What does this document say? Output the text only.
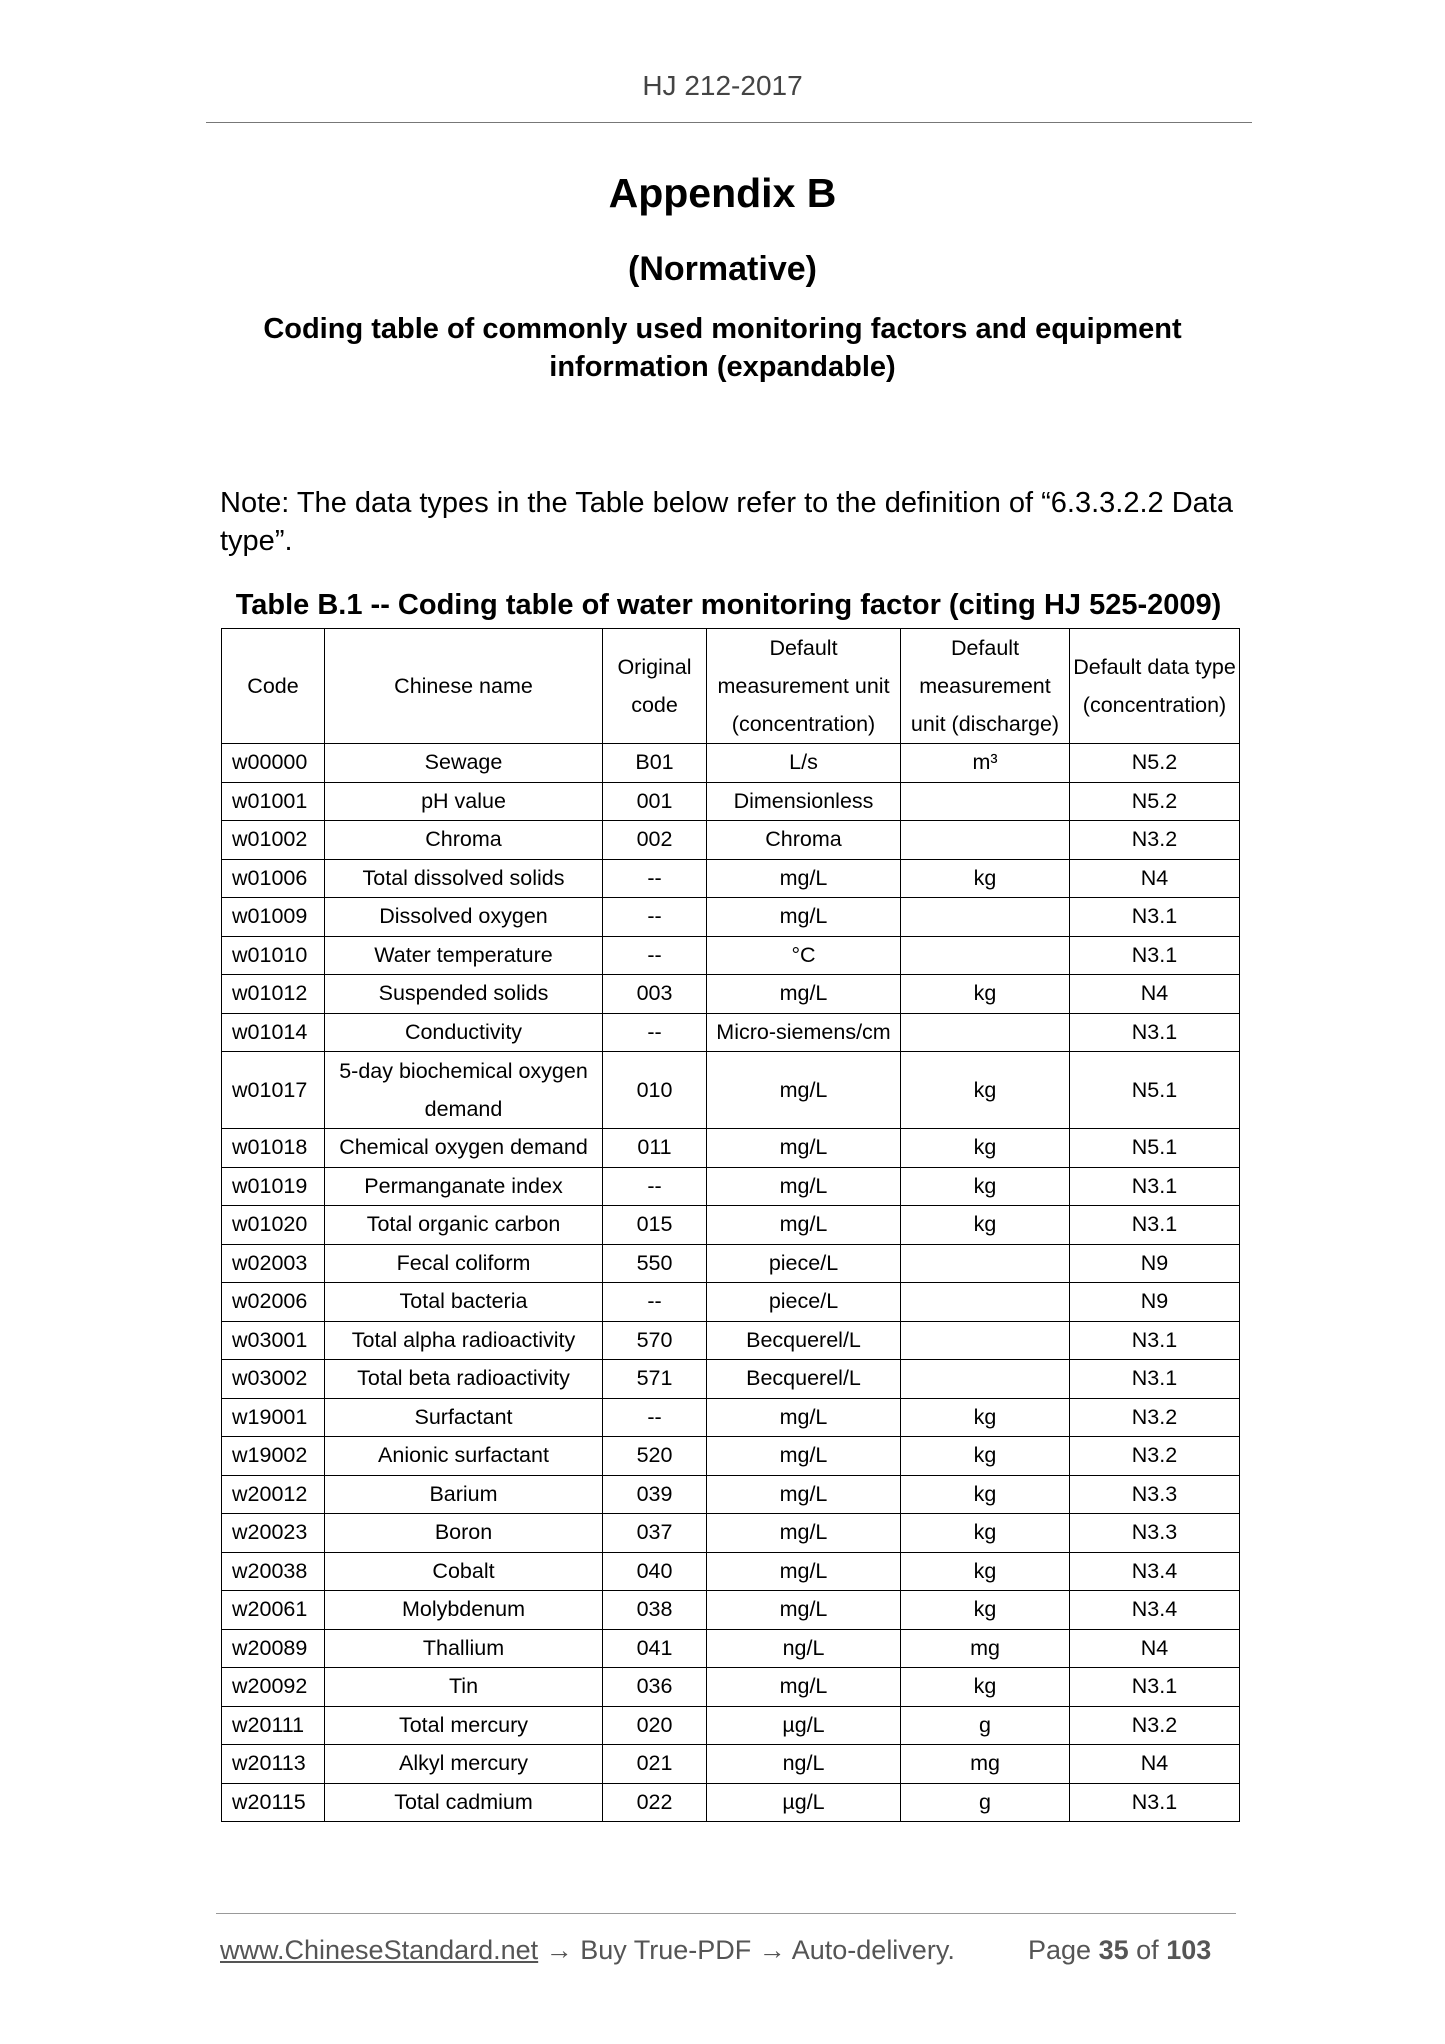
HJ 212-2017
Appendix B
(Normative)
Coding table of commonly used monitoring factors and equipment information (expandable)
Note: The data types in the Table below refer to the definition of “6.3.3.2.2 Data type”.
Table B.1 -- Coding table of water monitoring factor (citing HJ 525-2009)
Code	Chinese name	Original code	Default measurement unit (concentration)	Default measurement unit (discharge)	Default data type (concentration)
w00000	Sewage	B01	L/s	m³	N5.2
w01001	pH value	001	Dimensionless		N5.2
w01002	Chroma	002	Chroma		N3.2
w01006	Total dissolved solids	--	mg/L	kg	N4
w01009	Dissolved oxygen	--	mg/L		N3.1
w01010	Water temperature	--	°C		N3.1
w01012	Suspended solids	003	mg/L	kg	N4
w01014	Conductivity	--	Micro-siemens/cm		N3.1
w01017	5-day biochemical oxygen demand	010	mg/L	kg	N5.1
w01018	Chemical oxygen demand	011	mg/L	kg	N5.1
w01019	Permanganate index	--	mg/L	kg	N3.1
w01020	Total organic carbon	015	mg/L	kg	N3.1
w02003	Fecal coliform	550	piece/L		N9
w02006	Total bacteria	--	piece/L		N9
w03001	Total alpha radioactivity	570	Becquerel/L		N3.1
w03002	Total beta radioactivity	571	Becquerel/L		N3.1
w19001	Surfactant	--	mg/L	kg	N3.2
w19002	Anionic surfactant	520	mg/L	kg	N3.2
w20012	Barium	039	mg/L	kg	N3.3
w20023	Boron	037	mg/L	kg	N3.3
w20038	Cobalt	040	mg/L	kg	N3.4
w20061	Molybdenum	038	mg/L	kg	N3.4
w20089	Thallium	041	ng/L	mg	N4
w20092	Tin	036	mg/L	kg	N3.1
w20111	Total mercury	020	µg/L	g	N3.2
w20113	Alkyl mercury	021	ng/L	mg	N4
w20115	Total cadmium	022	µg/L	g	N3.1
www.ChineseStandard.net → Buy True-PDF → Auto-delivery.	Page 35 of 103
